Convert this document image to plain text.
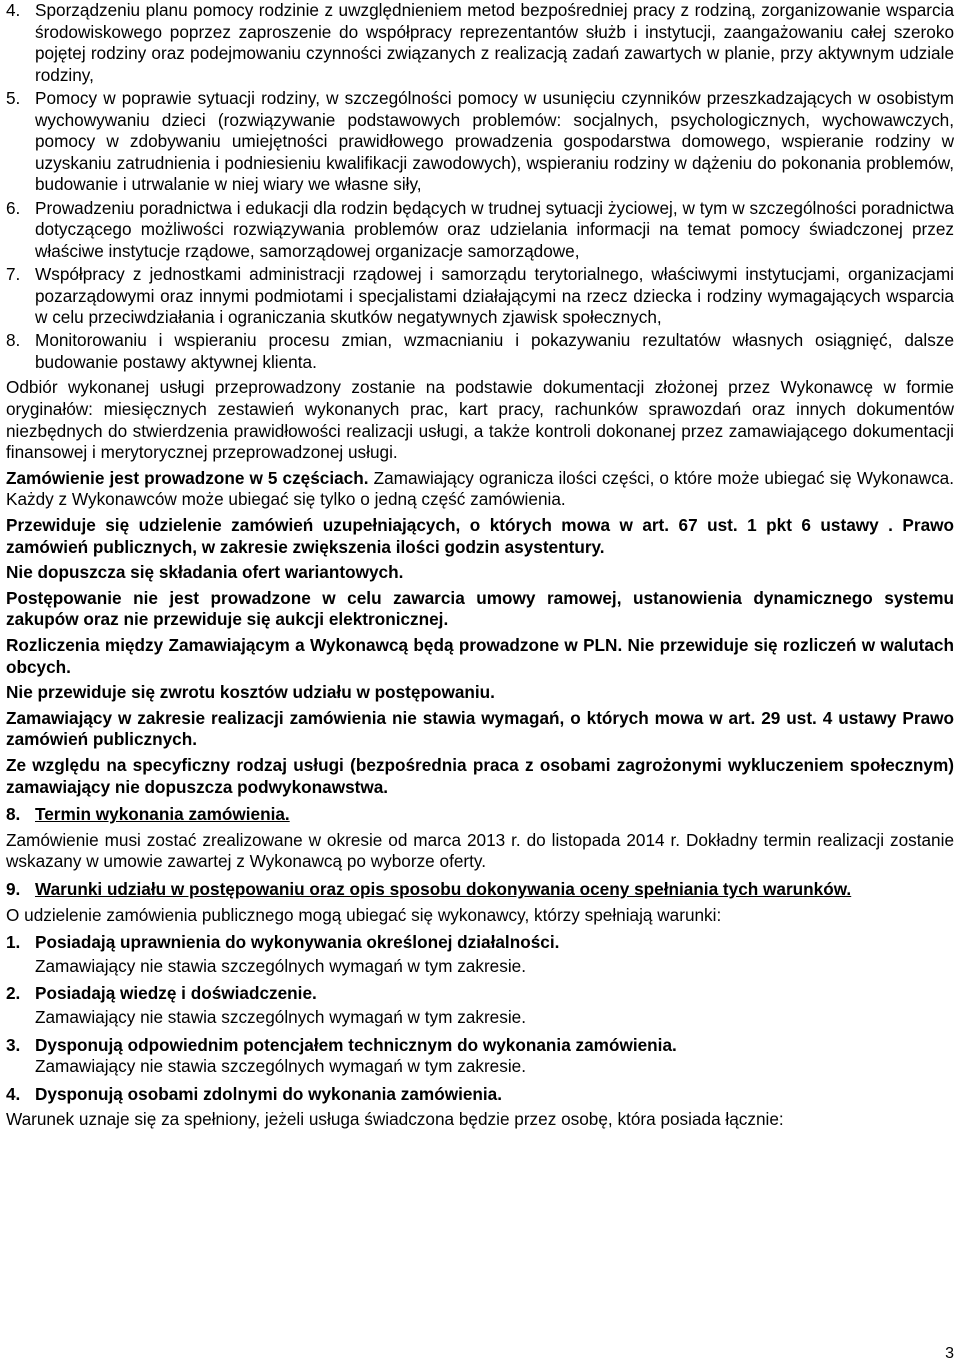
4. Sporządzeniu planu pomocy rodzinie z uwzględnieniem metod bezpośredniej pracy z rodziną, zorganizowanie wsparcia środowiskowego poprzez zaproszenie do współpracy reprezentantów służb i instytucji, zaangażowaniu całej szeroko pojętej rodziny oraz podejmowaniu czynności związanych z realizacją zadań zawartych w planie, przy aktywnym udziale rodziny,
5. Pomocy w poprawie sytuacji rodziny, w szczególności pomocy w usunięciu czynników przeszkadzających w osobistym wychowywaniu dzieci (rozwiązywanie podstawowych problemów: socjalnych, psychologicznych, wychowawczych, pomocy w zdobywaniu umiejętności prawidłowego prowadzenia gospodarstwa domowego, wspieranie rodziny w uzyskaniu zatrudnienia i podniesieniu kwalifikacji zawodowych), wspieraniu rodziny w dążeniu do pokonania problemów, budowanie i utrwalanie w niej wiary we własne siły,
6. Prowadzeniu poradnictwa i edukacji dla rodzin będących w trudnej sytuacji życiowej, w tym w szczególności poradnictwa dotyczącego możliwości rozwiązywania problemów oraz udzielania informacji na temat pomocy świadczonej przez właściwe instytucje rządowe, samorządowej organizacje samorządowe,
7. Współpracy z jednostkami administracji rządowej i samorządu terytorialnego, właściwymi instytucjami, organizacjami pozarządowymi oraz innymi podmiotami i specjalistami działającymi na rzecz dziecka i rodziny wymagających wsparcia w celu przeciwdziałania i ograniczania skutków negatywnych zjawisk społecznych,
8. Monitorowaniu i wspieraniu procesu zmian, wzmacnianiu i pokazywaniu rezultatów własnych osiągnięć, dalsze budowanie postawy aktywnej klienta.

Odbiór wykonanej usługi przeprowadzony zostanie na podstawie dokumentacji złożonej przez Wykonawcę w formie oryginałów: miesięcznych zestawień wykonanych prac, kart pracy, rachunków sprawozdań oraz innych dokumentów niezbędnych do stwierdzenia prawidłowości realizacji usługi, a także kontroli dokonanej przez zamawiającego dokumentacji finansowej i merytorycznej przeprowadzonej usługi.

Zamówienie jest prowadzone w 5 częściach. Zamawiający ogranicza ilości części, o które może ubiegać się Wykonawca. Każdy z Wykonawców może ubiegać się tylko o jedną część zamówienia.

Przewiduje się udzielenie zamówień uzupełniających, o których mowa w art. 67 ust. 1 pkt 6 ustawy . Prawo zamówień publicznych, w zakresie zwiększenia ilości godzin asystentury.

Nie dopuszcza się składania ofert wariantowych.

Postępowanie nie jest prowadzone w celu zawarcia umowy ramowej, ustanowienia dynamicznego systemu zakupów oraz nie przewiduje się aukcji elektronicznej.

Rozliczenia między Zamawiającym a Wykonawcą będą prowadzone w PLN. Nie przewiduje się rozliczeń w walutach obcych.

Nie przewiduje się zwrotu kosztów udziału w postępowaniu.

Zamawiający w zakresie realizacji zamówienia nie stawia wymagań, o których mowa w art. 29 ust. 4 ustawy Prawo zamówień publicznych.

Ze względu na specyficzny rodzaj usługi (bezpośrednia praca z osobami zagrożonymi wykluczeniem społecznym) zamawiający nie dopuszcza podwykonawstwa.

8. Termin wykonania zamówienia.

Zamówienie musi zostać zrealizowane w okresie od marca 2013 r. do listopada 2014 r. Dokładny termin realizacji zostanie wskazany w umowie zawartej z Wykonawcą po wyborze oferty.

9. Warunki udziału w postępowaniu oraz opis sposobu dokonywania oceny spełniania tych warunków.

O udzielenie zamówienia publicznego mogą ubiegać się wykonawcy, którzy spełniają warunki:

1. Posiadają uprawnienia do wykonywania określonej działalności.

Zamawiający nie stawia szczególnych wymagań w tym zakresie.

2. Posiadają wiedzę i doświadczenie.

Zamawiający nie stawia szczególnych wymagań w tym zakresie.

3. Dysponują odpowiednim potencjałem technicznym do wykonania zamówienia.

Zamawiający nie stawia szczególnych wymagań w tym zakresie.

4. Dysponują osobami zdolnymi do wykonania zamówienia.

Warunek uznaje się za spełniony, jeżeli usługa świadczona będzie przez osobę, która posiada łącznie:

3
